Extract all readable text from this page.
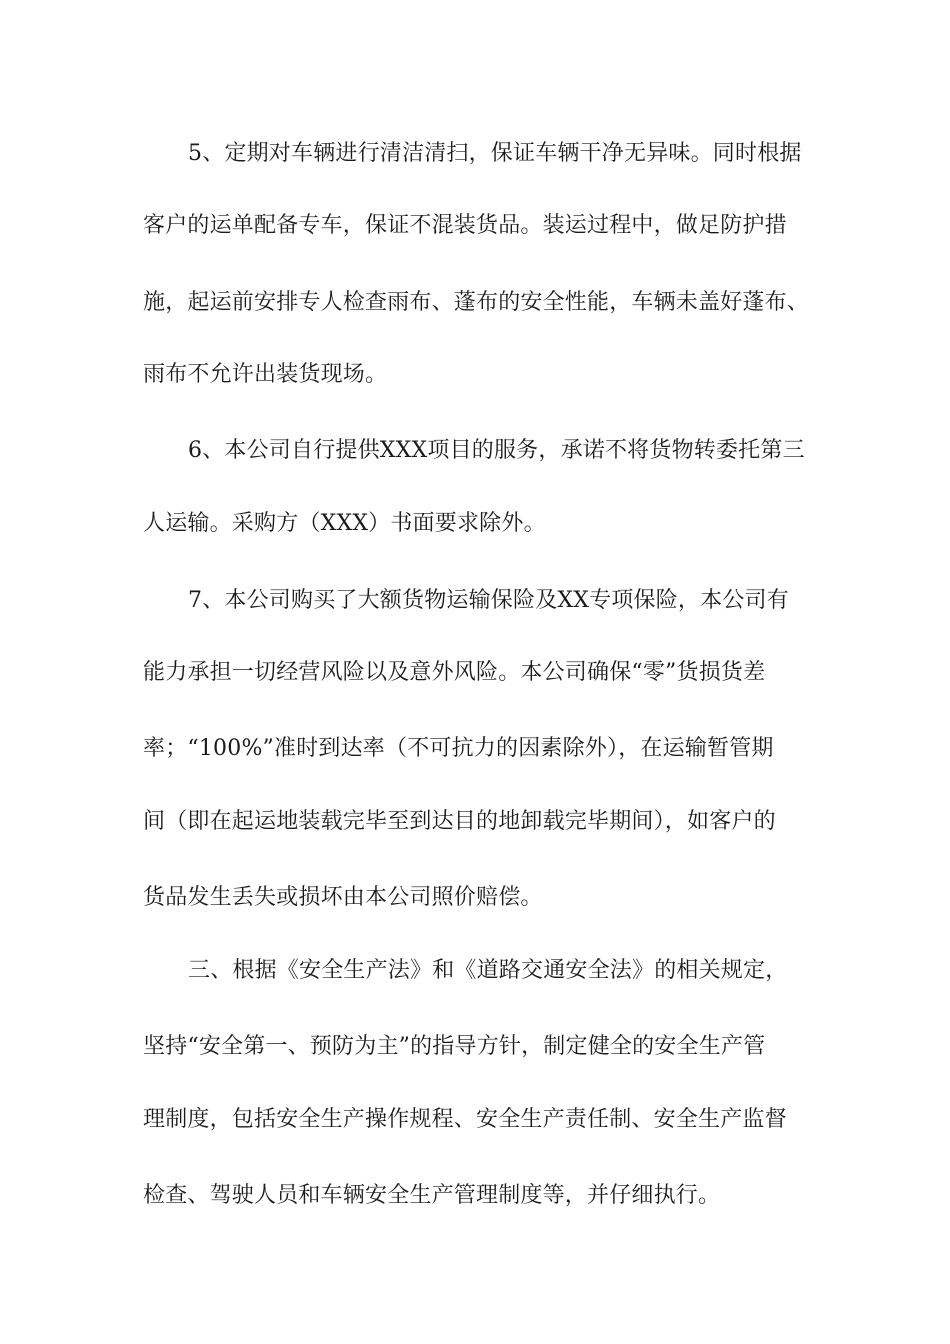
5、定期对车辆进行清洁清扫，保证车辆干净无异味。同时根据
客户的运单配备专车，保证不混装货品。装运过程中，做足防护措
施，起运前安排专人检查雨布、蓬布的安全性能，车辆未盖好蓬布、
雨布不允许出装货现场。
6、本公司自行提供XXX项目的服务，承诺不将货物转委托第三
人运输。采购方（XXX）书面要求除外。
7、本公司购买了大额货物运输保险及XX专项保险，本公司有
能力承担一切经营风险以及意外风险。本公司确保“零”货损货差
率；“100%”准时到达率（不可抗力的因素除外），在运输暂管期
间（即在起运地装载完毕至到达目的地卸载完毕期间），如客户的
货品发生丢失或损坏由本公司照价赔偿。
三、根据《安全生产法》和《道路交通安全法》的相关规定，
坚持“安全第一、预防为主”的指导方针，制定健全的安全生产管
理制度，包括安全生产操作规程、安全生产责任制、安全生产监督
检查、驾驶人员和车辆安全生产管理制度等，并仔细执行。
